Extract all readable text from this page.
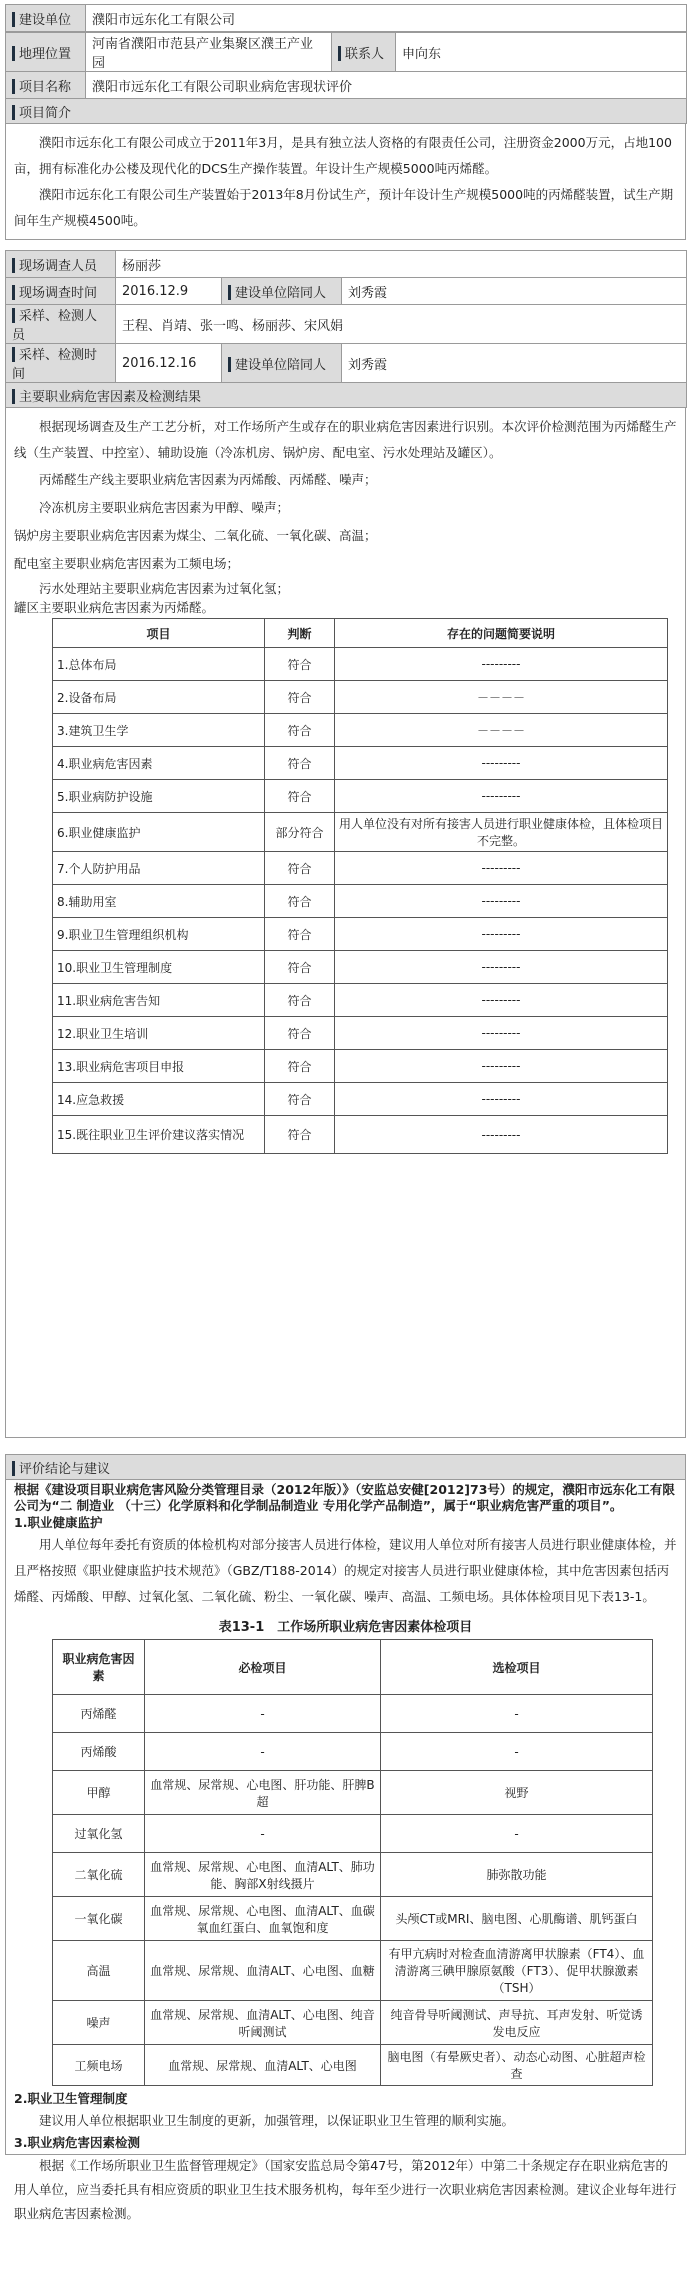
建设单位	濮阳市远东化工有限公司
地理位置	河南省濮阳市范县产业集聚区濮王产业园	联系人	申向东
项目名称	濮阳市远东化工有限公司职业病危害现状评价		
项目简介			

濮阳市远东化工有限公司成立于2011年3月，是具有独立法人资格的有限责任公司，注册资金2000万元，占地100亩，拥有标准化办公楼及现代化的DCS生产操作装置。年设计生产规模5000吨丙烯醛。

濮阳市远东化工有限公司生产装置始于2013年8月份试生产，预计年设计生产规模5000吨的丙烯醛装置，试生产期间年生产规模4500吨。

现场调查人员	杨丽莎		
现场调查时间	2016.12.9	建设单位陪同人	刘秀霞
采样、检测人员	王程、肖靖、张一鸣、杨丽莎、宋风娟		
采样、检测时间	2016.12.16	建设单位陪同人	刘秀霞
主要职业病危害因素及检测结果			

根据现场调查及生产工艺分析，对工作场所产生或存在的职业病危害因素进行识别。本次评价检测范围为丙烯醛生产线（生产装置、中控室）、辅助设施（冷冻机房、锅炉房、配电室、污水处理站及罐区）。

丙烯醛生产线主要职业病危害因素为丙烯酸、丙烯醛、噪声；

冷冻机房主要职业病危害因素为甲醇、噪声；

锅炉房主要职业病危害因素为煤尘、二氧化硫、一氧化碳、高温；

配电室主要职业病危害因素为工频电场；

污水处理站主要职业病危害因素为过氧化氢；

罐区主要职业病危害因素为丙烯醛。

项目	判断	存在的问题简要说明
1.总体布局	符合	---------
2.设备布局	符合	－－－－
3.建筑卫生学	符合	－－－－
4.职业病危害因素	符合	---------
5.职业病防护设施	符合	---------
6.职业健康监护	部分符合	用人单位没有对所有接害人员进行职业健康体检，且体检项目不完整。
7.个人防护用品	符合	---------
8.辅助用室	符合	---------
9.职业卫生管理组织机构	符合	---------
10.职业卫生管理制度	符合	---------
11.职业病危害告知	符合	---------
12.职业卫生培训	符合	---------
13.职业病危害项目申报	符合	---------
14.应急救援	符合	---------
15.既往职业卫生评价建议落实情况	符合	---------
评价结论与建议

根据《建设项目职业病危害风险分类管理目录（2012年版）》（安监总安健[2012]73号）的规定，濮阳市远东化工有限公司为“二 制造业 （十三）化学原料和化学制品制造业 专用化学产品制造”，属于“职业病危害严重的项目”。

1.职业健康监护

用人单位每年委托有资质的体检机构对部分接害人员进行体检，建议用人单位对所有接害人员进行职业健康体检，并且严格按照《职业健康监护技术规范》（GBZ/T188-2014）的规定对接害人员进行职业健康体检，其中危害因素包括丙烯醛、丙烯酸、甲醇、过氧化氢、二氧化硫、粉尘、一氧化碳、噪声、高温、工频电场。具体体检项目见下表13-1。

表13-1　工作场所职业病危害因素体检项目
职业病危害因素	必检项目	选检项目
丙烯醛	-	-
丙烯酸	-	-
甲醇	血常规、尿常规、心电图、肝功能、肝脾B超	视野
过氧化氢	-	-
二氧化硫	血常规、尿常规、心电图、血清ALT、肺功能、胸部X射线摄片	肺弥散功能
一氧化碳	血常规、尿常规、心电图、血清ALT、血碳氧血红蛋白、血氧饱和度	头颅CT或MRI、脑电图、心肌酶谱、肌钙蛋白
高温	血常规、尿常规、血清ALT、心电图、血糖	有甲亢病时对检查血清游离甲状腺素（FT4）、血清游离三碘甲腺原氨酸（FT3）、促甲状腺激素（TSH）
噪声	血常规、尿常规、血清ALT、心电图、纯音听阈测试	纯音骨导听阈测试、声导抗、耳声发射、听觉诱发电反应
工频电场	血常规、尿常规、血清ALT、心电图	脑电图（有晕厥史者）、动态心动图、心脏超声检查

2.职业卫生管理制度

建议用人单位根据职业卫生制度的更新，加强管理，以保证职业卫生管理的顺利实施。

3.职业病危害因素检测

根据《工作场所职业卫生监督管理规定》（国家安监总局令第47号，第2012年）中第二十条规定存在职业病危害的用人单位，应当委托具有相应资质的职业卫生技术服务机构，每年至少进行一次职业病危害因素检测。建议企业每年进行职业病危害因素检测。
